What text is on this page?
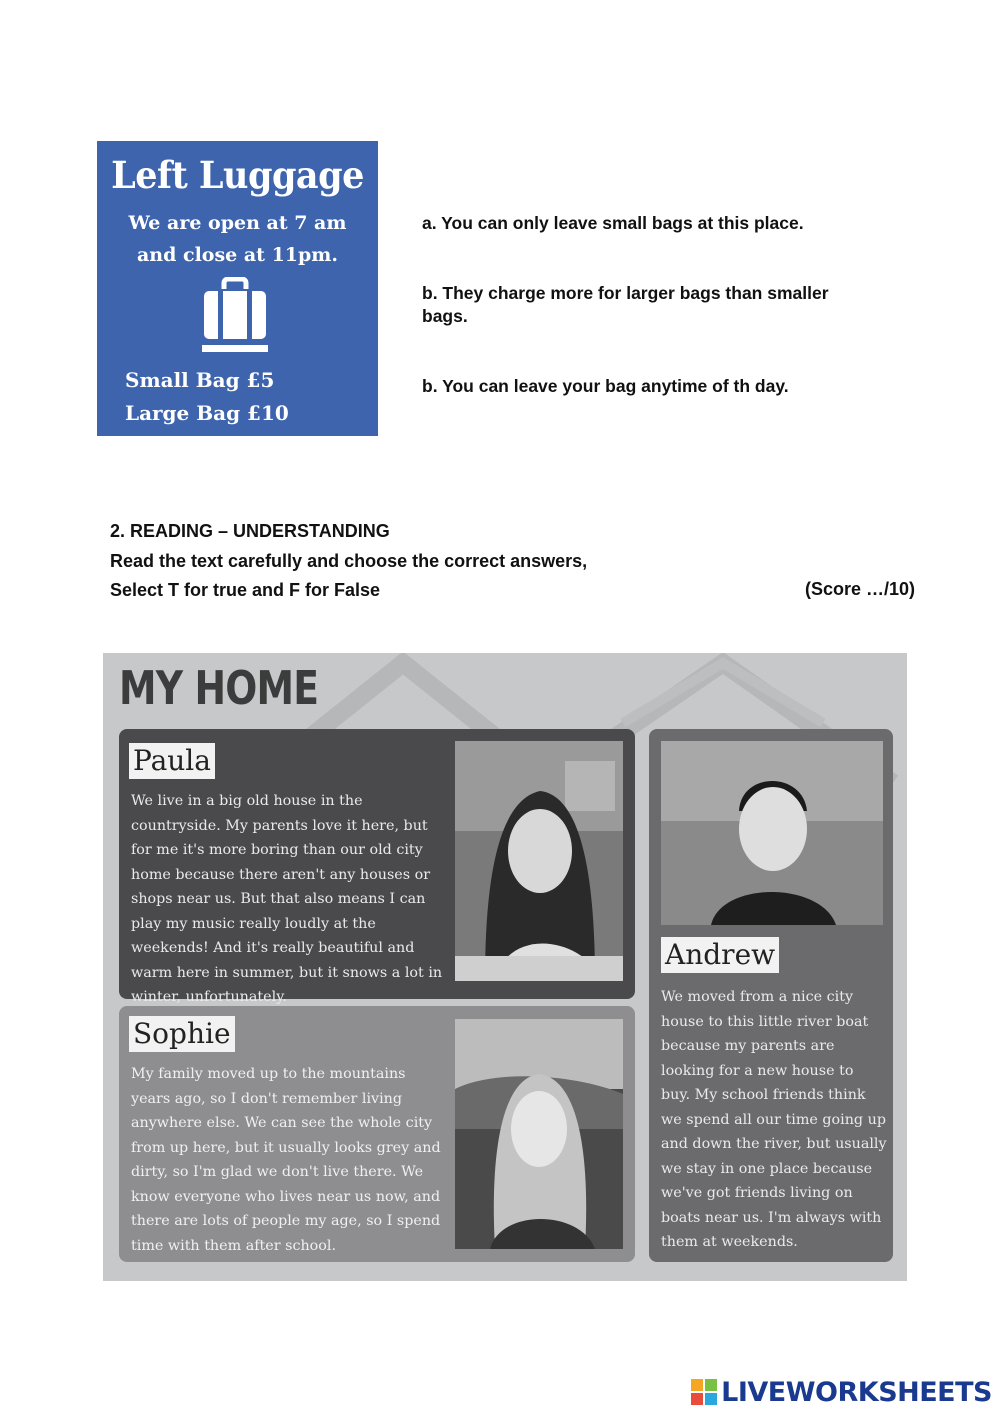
Left Luggage
We are open at 7 am and close at 11pm.
Small Bag £5
Large Bag £10
a. You can only leave small bags at this place.
b. They charge more for larger bags than smaller bags.
b. You can leave your bag anytime of th day.
2. READING – UNDERSTANDING
Read the text carefully and choose the correct answers,
Select T for true and F for False	(Score …/10)
MY HOME
Paula
We live in a big old house in the countryside. My parents love it here, but for me it's more boring than our old city home because there aren't any houses or shops near us. But that also means I can play my music really loudly at the weekends! And it's really beautiful and warm here in summer, but it snows a lot in winter, unfortunately.
Sophie
My family moved up to the mountains years ago, so I don't remember living anywhere else. We can see the whole city from up here, but it usually looks grey and dirty, so I'm glad we don't live there. We know everyone who lives near us now, and there are lots of people my age, so I spend time with them after school.
Andrew
We moved from a nice city house to this little river boat because my parents are looking for a new house to buy. My school friends think we spend all our time going up and down the river, but usually we stay in one place because we've got friends living on boats near us. I'm always with them at weekends.
LIVEWORKSHEETS
